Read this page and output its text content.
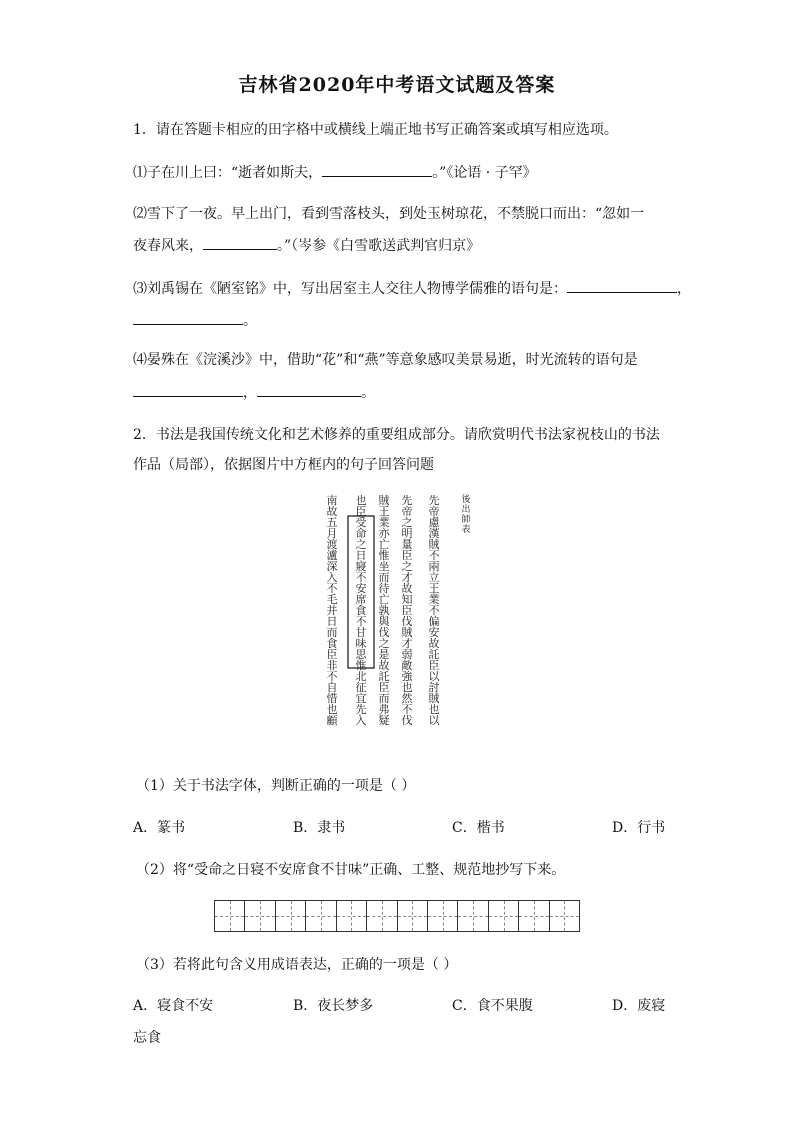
吉林省2020年中考语文试题及答案
1．请在答题卡相应的田字格中或横线上端正地书写正确答案或填写相应选项。
⑴子在川上曰：“逝者如斯夫，	。”《论语 · 子罕》
⑵雪下了一夜。早上出门，看到雪落枝头，到处玉树琼花，不禁脱口而出：“忽如一
夜春风来，	。”（岑参《白雪歌送武判官归京》
⑶刘禹锡在《陋室铭》中，写出居室主人交往人物博学儒雅的语句是：	，
。
⑷晏殊在《浣溪沙》中，借助“花”和“燕”等意象感叹美景易逝，时光流转的语句是
，	。
2．书法是我国传统文化和艺术修养的重要组成部分。请欣赏明代书法家祝枝山的书法
作品（局部），依据图片中方框内的句子回答问题
後
出
師
表
先
帝
慮
漢
賊
不
兩
立
王
業
不
偏
安
故
託
臣
以
討
賊
也
以
先
帝
之
明
量
臣
之
才
故
知
臣
伐
賊
才
弱
敵
強
也
然
不
伐
賊
王
業
亦
亡
惟
坐
而
待
亡
孰
與
伐
之
是
故
託
臣
而
弗
疑
也
臣
受
命
之
日
寢
不
安
席
食
不
甘
味
思
惟
北
征
宜
先
入
南
故
五
月
渡
瀘
深
入
不
毛
并
日
而
食
臣
非
不
自
惜
也
顧
（1）关于书法字体，判断正确的一项是（ ）
A．篆书	B．隶书	C．楷书	D．行书
（2）将“受命之日寝不安席食不甘味”正确、工整、规范地抄写下来。
（3）若将此句含义用成语表达，正确的一项是（ ）
A．寝食不安	B．夜长梦多	C．食不果腹	D．废寝
忘食
